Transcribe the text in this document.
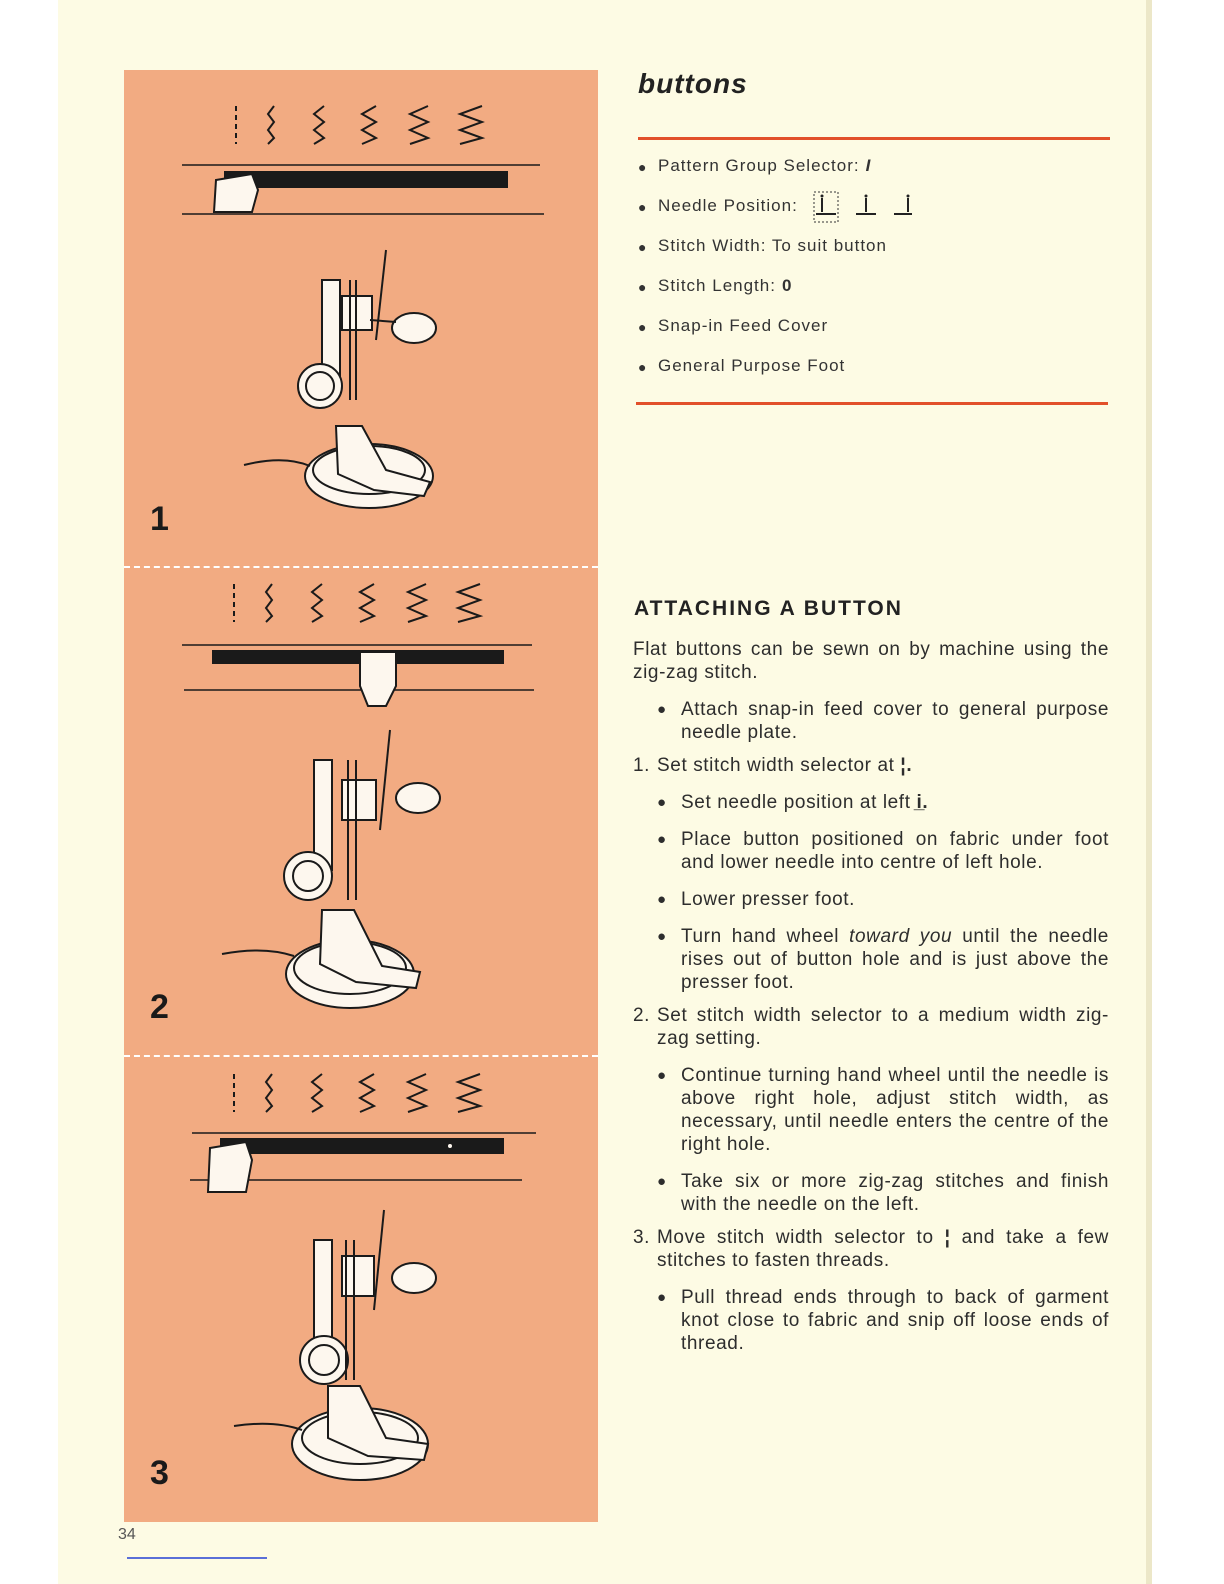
1
2
3
34
buttons
● Pattern Group Selector: I
● Needle Position:
● Stitch Width: To suit button
● Stitch Length: 0
● Snap-in Feed Cover
● General Purpose Foot
ATTACHING A BUTTON

Flat buttons can be sewn on by machine using the zig-zag stitch.

● Attach snap-in feed cover to general purpose needle plate.

1. Set stitch width selector at ¦.

● Set needle position at left i̲.

● Place button positioned on fabric under foot and lower needle into centre of left hole.

● Lower presser foot.

● Turn hand wheel toward you until the needle rises out of button hole and is just above the presser foot.

2. Set stitch width selector to a medium width zig-zag setting.

● Continue turning hand wheel until the needle is above right hole, adjust stitch width, as necessary, until needle enters the centre of the right hole.

● Take six or more zig-zag stitches and finish with the needle on the left.

3. Move stitch width selector to ¦ and take a few stitches to fasten threads.

● Pull thread ends through to back of garment knot close to fabric and snip off loose ends of thread.
